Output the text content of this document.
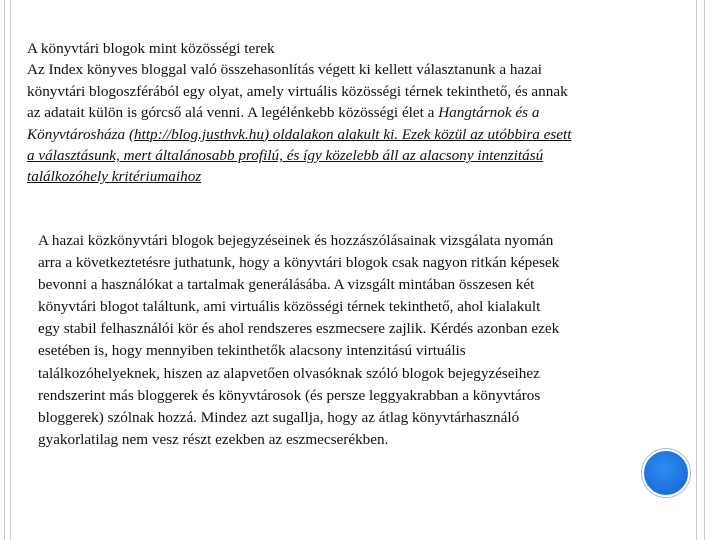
A könyvtári blogok mint közösségi terek

Az Index könyves bloggal való összehasonlítás végett ki kellett választanunk a hazai

könyvtári blogoszférából egy olyat, amely virtuális közösségi térnek tekinthető, és annak

az adatait külön is górcső alá venni. A legélénkebb közösségi élet a Hangtárnok és a

Könyvtárosháza (http://blog.justhvk.hu) oldalakon alakult ki. Ezek közül az utóbbira esett

a választásunk, mert általánosabb profilú, és így közelebb áll az alacsony intenzitású

találkozóhely kritériumaihoz

A hazai közkönyvtári blogok bejegyzéseinek és hozzászólásainak vizsgálata nyomán

arra a következtetésre juthatunk, hogy a könyvtári blogok csak nagyon ritkán képesek

bevonni a használókat a tartalmak generálásába. A vizsgált mintában összesen két

könyvtári blogot találtunk, ami virtuális közösségi térnek tekinthető, ahol kialakult

egy stabil felhasználói kör és ahol rendszeres eszmecsere zajlik. Kérdés azonban ezek

esetében is, hogy mennyiben tekinthetők alacsony intenzitású virtuális

találkozóhelyeknek, hiszen az alapvetően olvasóknak szóló blogok bejegyzéseihez

rendszerint más bloggerek és könyvtárosok (és persze leggyakrabban a könyvtáros

bloggerek) szólnak hozzá. Mindez azt sugallja, hogy az átlag könyvtárhasználó

gyakorlatilag nem vesz részt ezekben az eszmecserékben.
